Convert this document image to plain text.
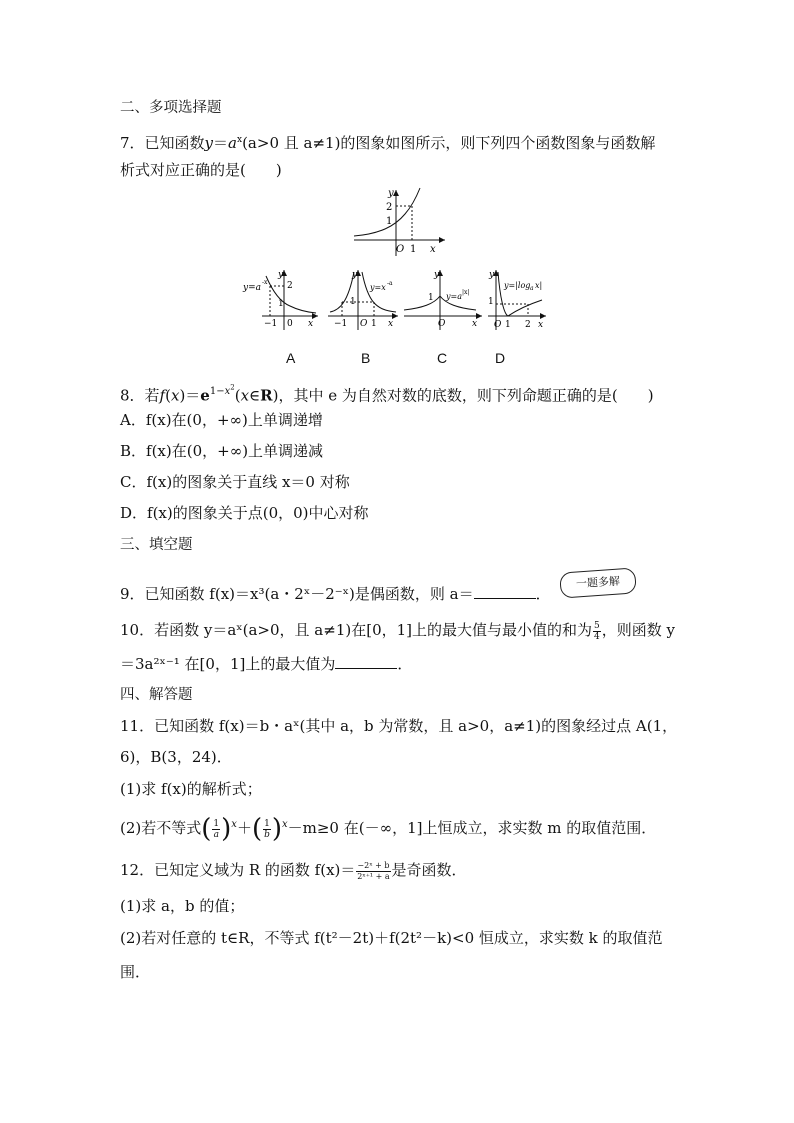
二、多项选择题
7．已知函数$y=a^x(a>0$ 且 a≠1)的图象如图所示，则下列四个函数图象与函数解
析式对应正确的是(　　)
2
1
O 1 x
y
y=a
-x 2
1
−1 0 x
y
y=x -a
1
−1 O 1 x
y
1 y=a |x|
O	x
y
y=|log a x|
1
O 1 2 x
y
A	B	C	D
8．若$f(x)=e^{1-x^2}(x\in R)$，其中 e 为自然对数的底数，则下列命题正确的是(　　)
A．f(x)在(0，+∞)上单调递增
B．f(x)在(0，+∞)上单调递减
C．f(x)的图象关于直线 x＝0 对称
D．f(x)的图象关于点(0，0)中心对称
三、填空题
9．已知函数 f(x)＝x³(a・2ˣ－2⁻ˣ)是偶函数，则 a＝	．
一题多解
10．若函数 y＝aˣ(a>0，且 a≠1)在[0，1]上的最大值与最小值的和为 $\frac{5}{4}$ ，则函数 y
＝3a²ˣ⁻¹ 在[0，1]上的最大值为	．
四、解答题
11．已知函数 f(x)＝b・aˣ(其中 a，b 为常数，且 a>0，a≠1)的图象经过点 A(1，
6)，B(3，24)．
(1)求 f(x)的解析式；
(2)若不等式( $\frac{1}{a} )^x+( \frac{1}{b} )^x-m\ge 0$ 在(－∞，1]上恒成立，求实数 m 的取值范围．
12．已知定义域为 R 的函数 $f(x)= \frac{\text{−2ˣ + b}}{\text{2ˣ⁺¹ + a}}$ 是奇函数．
(1)求 a，b 的值；
(2)若对任意的 t∈R，不等式 f(t²－2t)＋f(2t²－k)<0 恒成立，求实数 k 的取值范
围．
